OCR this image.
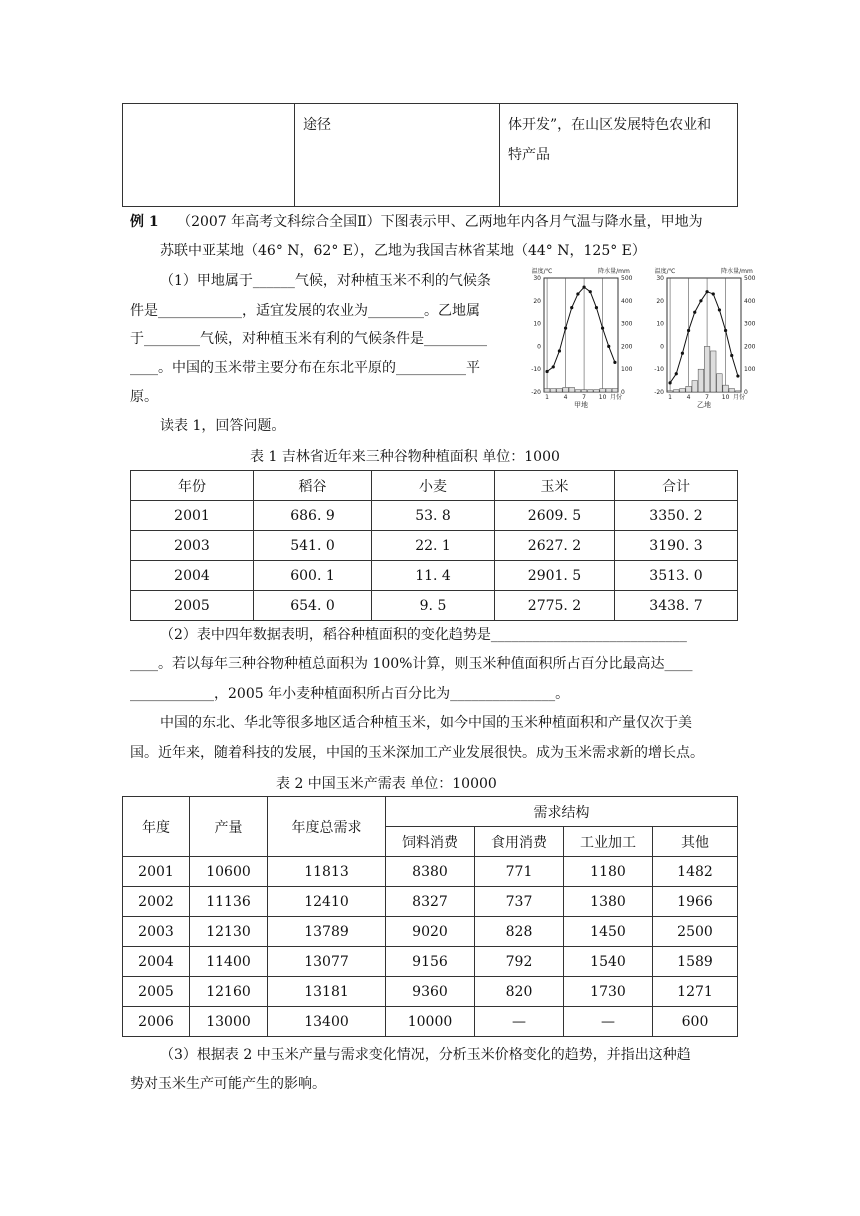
	途径	体开发”，在山区发展特色农业和
特产品
例 1 （2007 年高考文科综合全国Ⅱ）下图表示甲、乙两地年内各月气温与降水量，甲地为
苏联中亚某地（46° N，62° E），乙地为我国吉林省某地（44° N，125° E）
（1）甲地属于______气候，对种植玉米不利的气候条
件是____________，适宜发展的农业为________。乙地属
于________气候，对种植玉米有利的气候条件是_________
____。中国的玉米带主要分布在东北平原的__________平
原。
读表 1，回答问题。
温度/℃	降水量/mm
-20
-10
0
10
20
30
0
100
200
300
400
500
1 4 7 10 月份
甲地
温度/℃	降水量/mm
-20
-10
0
10
20
30
0
100
200
300
400
500
1 4 7 10 月份
乙地
表 1 吉林省近年来三种谷物种植面积 单位：1000
年份	稻谷	小麦	玉米	合计
2001	686. 9	53. 8	2609. 5	3350. 2
2003	541. 0	22. 1	2627. 2	3190. 3
2004	600. 1	11. 4	2901. 5	3513. 0
2005	654. 0	9. 5	2775. 2	3438. 7
（2）表中四年数据表明，稻谷种植面积的变化趋势是____________________________
____。若以每年三种谷物种植总面积为 100%计算，则玉米种值面积所占百分比最高达____
____________，2005 年小麦种植面积所占百分比为_______________。
中国的东北、华北等很多地区适合种植玉米，如今中国的玉米种植面积和产量仅次于美
国。近年来，随着科技的发展，中国的玉米深加工产业发展很快。成为玉米需求新的增长点。
表 2 中国玉米产需表 单位：10000
年度	产量	年度总需求	需求结构			
			饲料消费	食用消费	工业加工	其他
2001	10600	11813	8380	771	1180	1482
2002	11136	12410	8327	737	1380	1966
2003	12130	13789	9020	828	1450	2500
2004	11400	13077	9156	792	1540	1589
2005	12160	13181	9360	820	1730	1271
2006	13000	13400	10000	—	—	600
（3）根据表 2 中玉米产量与需求变化情况，分析玉米价格变化的趋势，并指出这种趋
势对玉米生产可能产生的影响。
